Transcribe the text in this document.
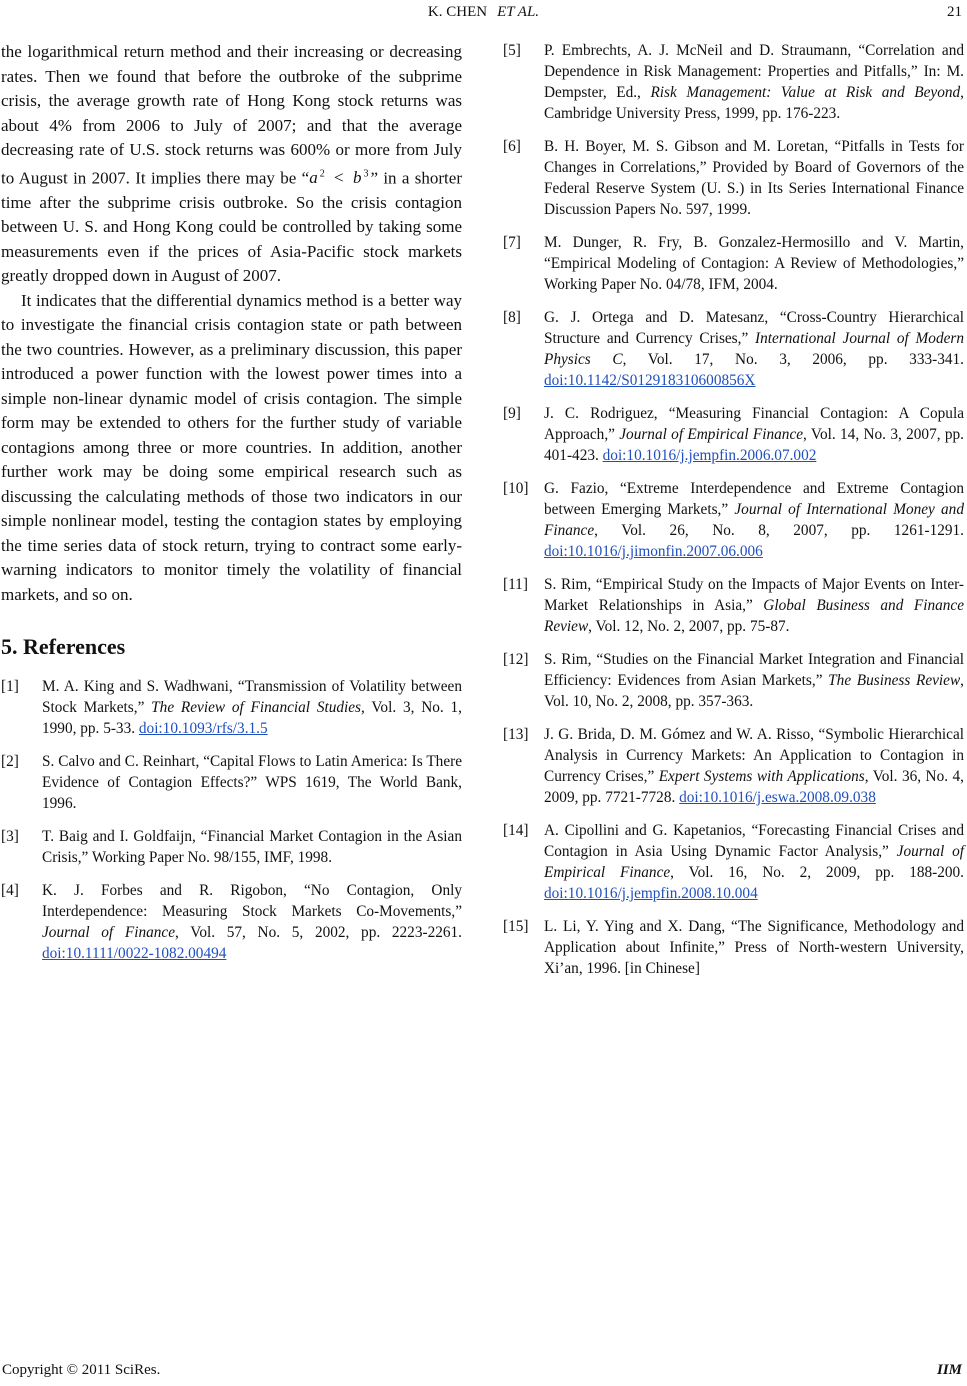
K. CHEN ET AL.	21

the logarithmical return method and their increasing or decreasing rates. Then we found that before the outbroke of the subprime crisis, the average growth rate of Hong Kong stock returns was about 4% from 2006 to July of 2007; and that the average decreasing rate of U.S. stock returns was 600% or more from July to August in 2007. It implies there may be “$a^2 < b^3$” in a shorter time after the subprime crisis outbroke. So the crisis contagion between U. S. and Hong Kong could be controlled by taking some measurements even if the prices of Asia-Pacific stock markets greatly dropped down in August of 2007.

It indicates that the differential dynamics method is a better way to investigate the financial crisis contagion state or path between the two countries. However, as a preliminary discussion, this paper introduced a power function with the lowest power times into a simple non-linear dynamic model of crisis contagion. The simple form may be extended to others for the further study of variable contagions among three or more countries. In addition, another further work may be doing some empirical research such as discussing the calculating methods of those two indicators in our simple nonlinear model, testing the contagion states by employing the time series data of stock return, trying to contract some early-warning indicators to monitor timely the volatility of financial markets, and so on.

5. References
[1] M. A. King and S. Wadhwani, “Transmission of Volatility between Stock Markets,” The Review of Financial Studies, Vol. 3, No. 1, 1990, pp. 5-33. doi:10.1093/rfs/3.1.5
[2] S. Calvo and C. Reinhart, “Capital Flows to Latin America: Is There Evidence of Contagion Effects?” WPS 1619, The World Bank, 1996.
[3] T. Baig and I. Goldfaijn, “Financial Market Contagion in the Asian Crisis,” Working Paper No. 98/155, IMF, 1998.
[4] K. J. Forbes and R. Rigobon, “No Contagion, Only Interdependence: Measuring Stock Markets Co-Movements,” Journal of Finance, Vol. 57, No. 5, 2002, pp. 2223-2261. doi:10.1111/0022-1082.00494
[5] P. Embrechts, A. J. McNeil and D. Straumann, “Correlation and Dependence in Risk Management: Properties and Pitfalls,” In: M. Dempster, Ed., Risk Management: Value at Risk and Beyond, Cambridge University Press, 1999, pp. 176-223.
[6] B. H. Boyer, M. S. Gibson and M. Loretan, “Pitfalls in Tests for Changes in Correlations,” Provided by Board of Governors of the Federal Reserve System (U. S.) in Its Series International Finance Discussion Papers No. 597, 1999.
[7] M. Dunger, R. Fry, B. Gonzalez-Hermosillo and V. Martin, “Empirical Modeling of Contagion: A Review of Methodologies,” Working Paper No. 04/78, IFM, 2004.
[8] G. J. Ortega and D. Matesanz, “Cross-Country Hierarchical Structure and Currency Crises,” International Journal of Modern Physics C, Vol. 17, No. 3, 2006, pp. 333-341. doi:10.1142/S012918310600856X
[9] J. C. Rodriguez, “Measuring Financial Contagion: A Copula Approach,” Journal of Empirical Finance, Vol. 14, No. 3, 2007, pp. 401-423. doi:10.1016/j.jempfin.2006.07.002
[10] G. Fazio, “Extreme Interdependence and Extreme Contagion between Emerging Markets,” Journal of International Money and Finance, Vol. 26, No. 8, 2007, pp. 1261-1291. doi:10.1016/j.jimonfin.2007.06.006
[11] S. Rim, “Empirical Study on the Impacts of Major Events on Inter-Market Relationships in Asia,” Global Business and Finance Review, Vol. 12, No. 2, 2007, pp. 75-87.
[12] S. Rim, “Studies on the Financial Market Integration and Financial Efficiency: Evidences from Asian Markets,” The Business Review, Vol. 10, No. 2, 2008, pp. 357-363.
[13] J. G. Brida, D. M. Gómez and W. A. Risso, “Symbolic Hierarchical Analysis in Currency Markets: An Application to Contagion in Currency Crises,” Expert Systems with Applications, Vol. 36, No. 4, 2009, pp. 7721-7728. doi:10.1016/j.eswa.2008.09.038
[14] A. Cipollini and G. Kapetanios, “Forecasting Financial Crises and Contagion in Asia Using Dynamic Factor Analysis,” Journal of Empirical Finance, Vol. 16, No. 2, 2009, pp. 188-200. doi:10.1016/j.jempfin.2008.10.004
[15] L. Li, Y. Ying and X. Dang, “The Significance, Methodology and Application about Infinite,” Press of North-western University, Xi’an, 1996. [in Chinese]
Copyright © 2011 SciRes.	IIM
